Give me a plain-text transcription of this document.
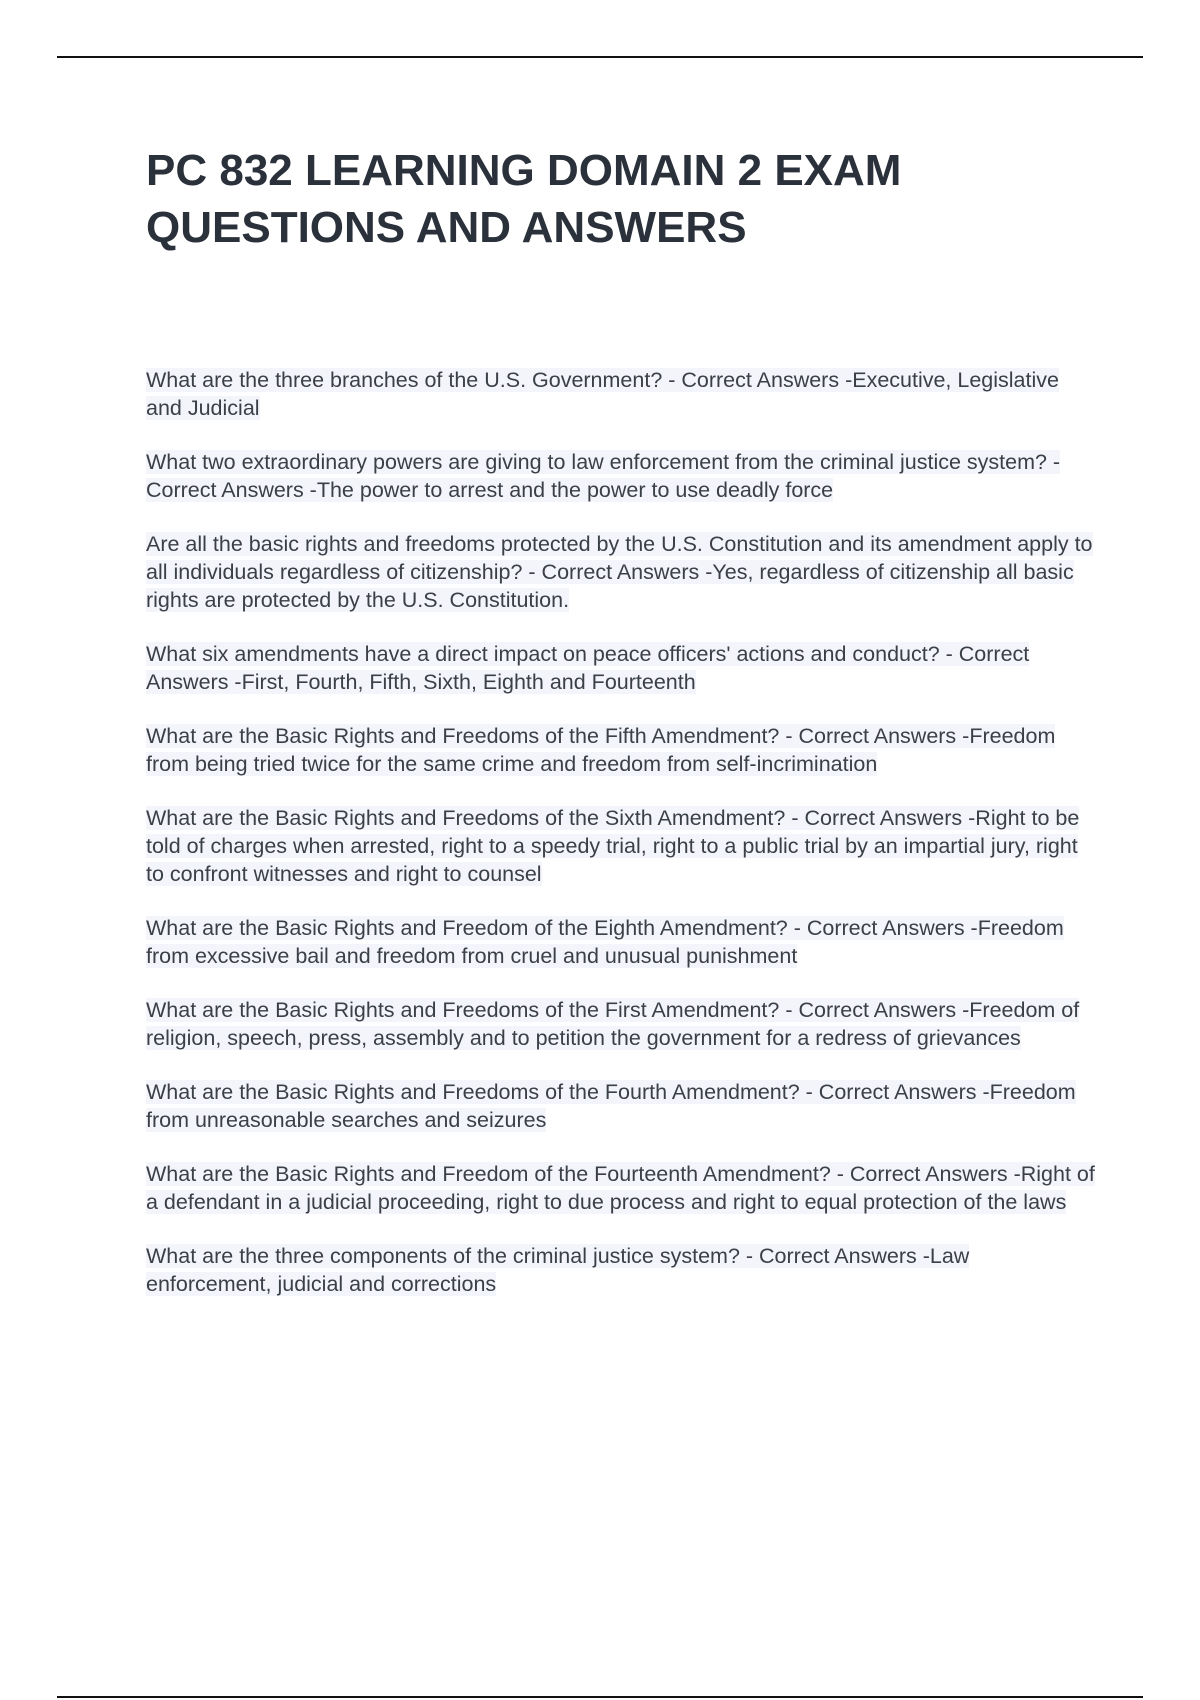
PC 832 LEARNING DOMAIN 2 EXAM QUESTIONS AND ANSWERS
What are the three branches of the U.S. Government? - Correct Answers -Executive, Legislative and Judicial
What two extraordinary powers are giving to law enforcement from the criminal justice system? - Correct Answers -The power to arrest and the power to use deadly force
Are all the basic rights and freedoms protected by the U.S. Constitution and its amendment apply to all individuals regardless of citizenship? - Correct Answers -Yes, regardless of citizenship all basic rights are protected by the U.S. Constitution.
What six amendments have a direct impact on peace officers' actions and conduct? - Correct Answers -First, Fourth, Fifth, Sixth, Eighth and Fourteenth
What are the Basic Rights and Freedoms of the Fifth Amendment? - Correct Answers -Freedom from being tried twice for the same crime and freedom from self-incrimination
What are the Basic Rights and Freedoms of the Sixth Amendment? - Correct Answers -Right to be told of charges when arrested, right to a speedy trial, right to a public trial by an impartial jury, right to confront witnesses and right to counsel
What are the Basic Rights and Freedom of the Eighth Amendment? - Correct Answers -Freedom from excessive bail and freedom from cruel and unusual punishment
What are the Basic Rights and Freedoms of the First Amendment? - Correct Answers -Freedom of religion, speech, press, assembly and to petition the government for a redress of grievances
What are the Basic Rights and Freedoms of the Fourth Amendment? - Correct Answers -Freedom from unreasonable searches and seizures
What are the Basic Rights and Freedom of the Fourteenth Amendment? - Correct Answers -Right of a defendant in a judicial proceeding, right to due process and right to equal protection of the laws
What are the three components of the criminal justice system? - Correct Answers -Law enforcement, judicial and corrections
